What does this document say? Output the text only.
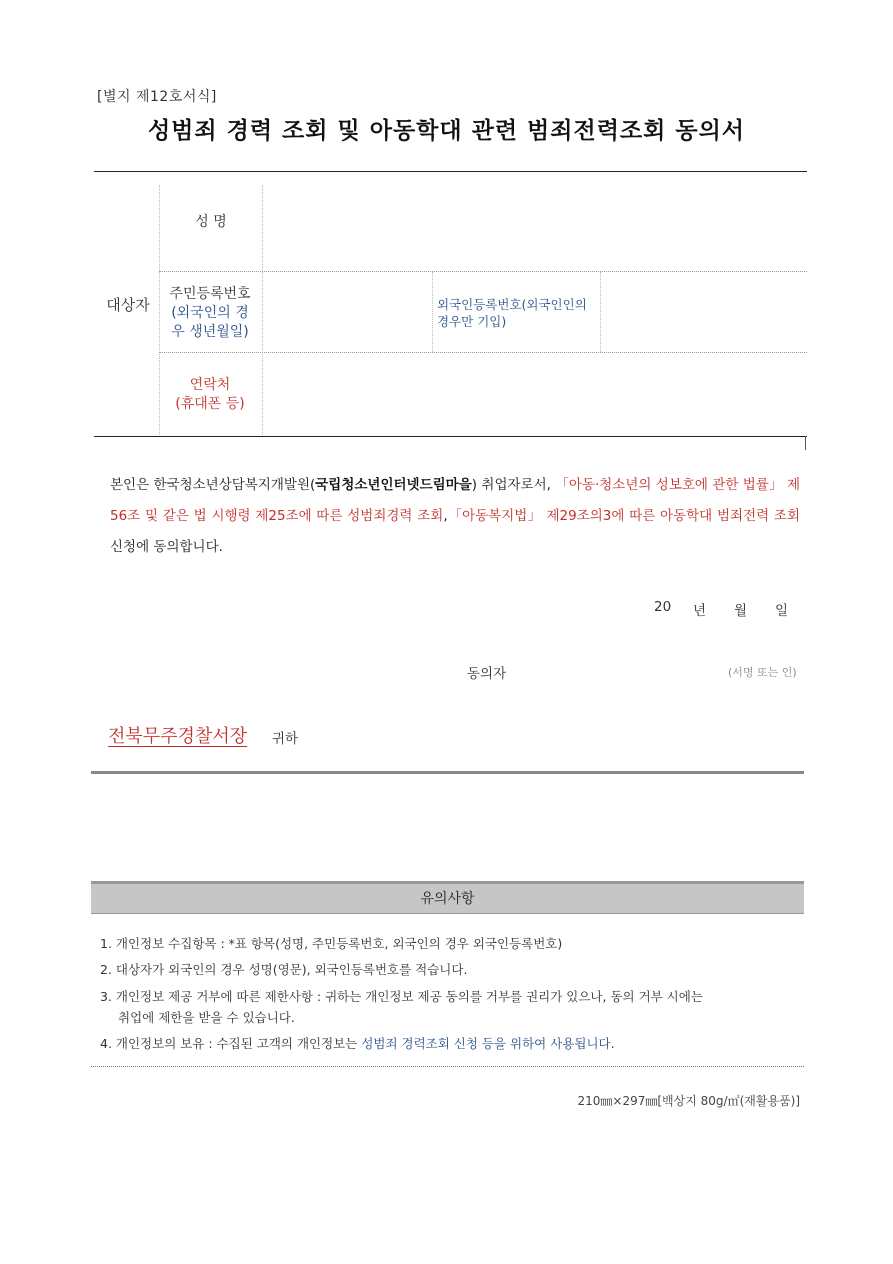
[별지 제12호서식]
성범죄 경력 조회 및 아동학대 관련 범죄전력조회 동의서
대상자
성 명
주민등록번호
(외국인의 경
우 생년월일)
외국인등록번호(외국인인의
경우만 기입)
연락처
(휴대폰 등)
본인은 한국청소년상담복지개발원(국립청소년인터넷드림마을) 취업자로서, 「아동·청소년의 성보호에 관한 법률」 제56조 및 같은 법 시행령 제25조에 따른 성범죄경력 조회,「아동복지법」 제29조의3에 따른 아동학대 범죄전력 조회 신청에 동의합니다.
20 년 월 일
동의자	(서명 또는 인)
전북무주경찰서장 귀하
유의사항
1. 개인정보 수집항목 : *표 항목(성명, 주민등록번호, 외국인의 경우 외국인등록번호)
2. 대상자가 외국인의 경우 성명(영문), 외국인등록번호를 적습니다.
3. 개인정보 제공 거부에 따른 제한사항 : 귀하는 개인정보 제공 동의를 거부를 권리가 있으나, 동의 거부 시에는
취업에 제한을 받을 수 있습니다.
4. 개인정보의 보유 : 수집된 고객의 개인정보는 성범죄 경력조회 신청 등을 위하여 사용됩니다.
210㎜×297㎜[백상지 80g/㎡(재활용품)]
